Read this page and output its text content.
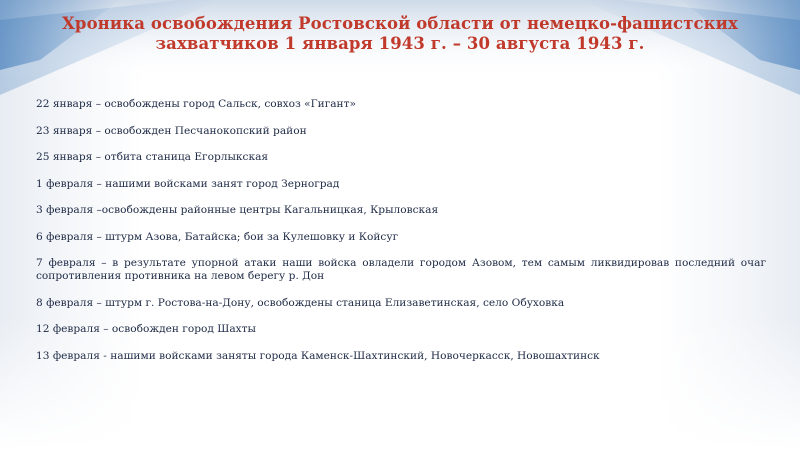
Хроника освобождения Ростовской области от немецко-фашистских захватчиков 1 января 1943 г. – 30 августа 1943 г.
22 января – освобождены город Сальск, совхоз «Гигант»
23 января – освобожден Песчанокопский район
25 января – отбита станица Егорлыкская
1 февраля – нашими войсками занят город Зерноград
3 февраля –освобождены районные центры Кагальницкая, Крыловская
6 февраля – штурм Азова, Батайска; бои за Кулешовку и Койсуг
7 февраля – в результате упорной атаки наши войска овладели городом Азовом, тем самым ликвидировав последний очаг сопротивления противника на левом берегу р. Дон
8 февраля – штурм г. Ростова-на-Дону, освобождены станица Елизаветинская, село Обуховка
12 февраля – освобожден город Шахты
13 февраля - нашими войсками заняты города Каменск-Шахтинский, Новочеркасск, Новошахтинск
